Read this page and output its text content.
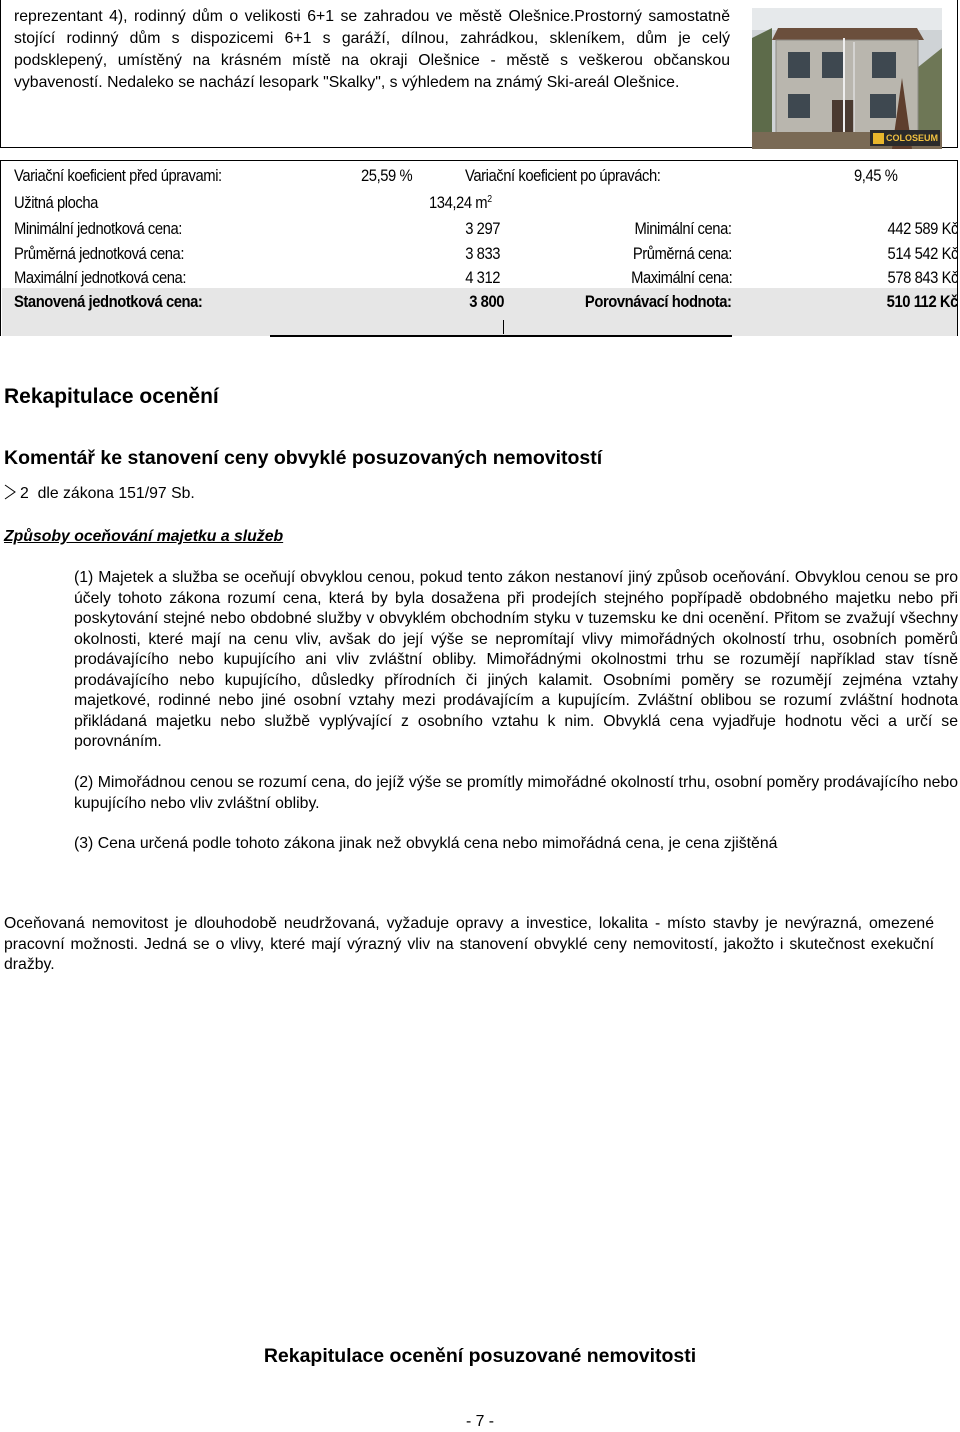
reprezentant 4), rodinný dům o velikosti 6+1 se zahradou ve městě Olešnice.Prostorný samostatně stojící rodinný dům s dispozicemi 6+1 s garáží, dílnou, zahrádkou, skleníkem, dům je celý podsklepený, umístěný na krásném místě na okraji Olešnice - městě s veškerou občanskou vybaveností. Nedaleko se nachází lesopark "Skalky", s výhledem na známý Ski-areál Olešnice.
COLOSEUM
Variační koeficient před úpravami:	25,59 %	Variační koeficient po úpravách:	9,45 %
Užitná plocha	134,24 $m^2$
Minimální jednotková cena:	3 297	Minimální cena:	442 589 Kč
Průměrná jednotková cena:	3 833	Průměrná cena:	514 542 Kč
Maximální jednotková cena:	4 312	Maximální cena:	578 843 Kč
Stanovená jednotková cena:	3 800	Porovnávací hodnota:	510 112 Kč
Rekapitulace ocenění
Komentář ke stanovení ceny obvyklé posuzovaných nemovitostí
2  dle zákona 151/97 Sb.
Způsoby oceňování majetku a služeb
(1) Majetek a služba se oceňují obvyklou cenou, pokud tento zákon nestanoví jiný způsob oceňování. Obvyklou cenou se pro účely tohoto zákona rozumí cena, která by byla dosažena při prodejích stejného popřípadě obdobného majetku nebo při poskytování stejné nebo obdobné služby v obvyklém obchodním styku v tuzemsku ke dni ocenění. Přitom se zvažují všechny okolnosti, které mají na cenu vliv, avšak do její výše se nepromítají vlivy mimořádných okolností trhu, osobních poměrů prodávajícího nebo kupujícího ani vliv zvláštní obliby. Mimořádnými okolnostmi trhu se rozumějí například stav tísně prodávajícího nebo kupujícího, důsledky přírodních či jiných kalamit. Osobními poměry se rozumějí zejména vztahy majetkové, rodinné nebo jiné osobní vztahy mezi prodávajícím a kupujícím. Zvláštní oblibou se rozumí zvláštní hodnota přikládaná majetku nebo službě vyplývající z osobního vztahu k nim. Obvyklá cena vyjadřuje hodnotu věci a určí se porovnáním.
(2) Mimořádnou cenou se rozumí cena, do jejíž výše se promítly mimořádné okolností trhu, osobní poměry prodávajícího nebo kupujícího nebo vliv zvláštní obliby.
(3) Cena určená podle tohoto zákona jinak než obvyklá cena nebo mimořádná cena, je cena zjištěná
Oceňovaná nemovitost je dlouhodobě neudržovaná, vyžaduje opravy a investice, lokalita - místo stavby je nevýrazná, omezené pracovní možnosti. Jedná se o vlivy, které mají výrazný vliv na stanovení obvyklé ceny nemovitostí, jakožto i skutečnost exekuční dražby.
Rekapitulace ocenění posuzované nemovitosti
- 7 -
